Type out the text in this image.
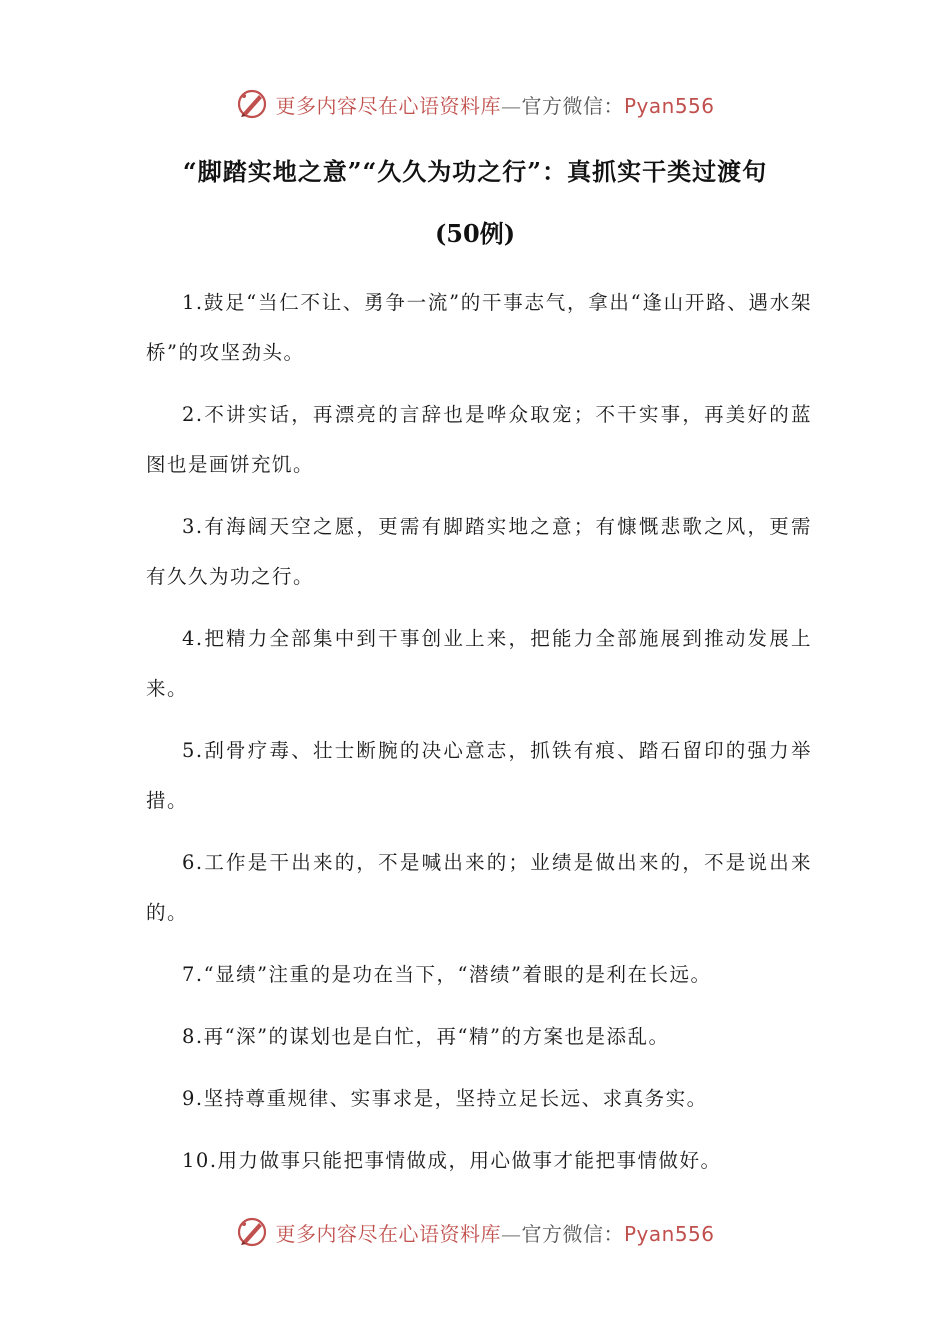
更多内容尽在心语资料库—官方微信：Pyan556
“脚踏实地之意”“久久为功之行”：真抓实干类过渡句
(50例)

1.鼓足“当仁不让、勇争一流”的干事志气，拿出“逢山开路、遇水架桥”的攻坚劲头。

2.不讲实话，再漂亮的言辞也是哗众取宠；不干实事，再美好的蓝图也是画饼充饥。

3.有海阔天空之愿，更需有脚踏实地之意；有慷慨悲歌之风，更需有久久为功之行。

4.把精力全部集中到干事创业上来，把能力全部施展到推动发展上来。

5.刮骨疗毒、壮士断腕的决心意志，抓铁有痕、踏石留印的强力举措。

6.工作是干出来的，不是喊出来的；业绩是做出来的，不是说出来的。

7.“显绩”注重的是功在当下，“潜绩”着眼的是利在长远。

8.再“深”的谋划也是白忙，再“精”的方案也是添乱。

9.坚持尊重规律、实事求是，坚持立足长远、求真务实。

10.用力做事只能把事情做成，用心做事才能把事情做好。

更多内容尽在心语资料库—官方微信：Pyan556
